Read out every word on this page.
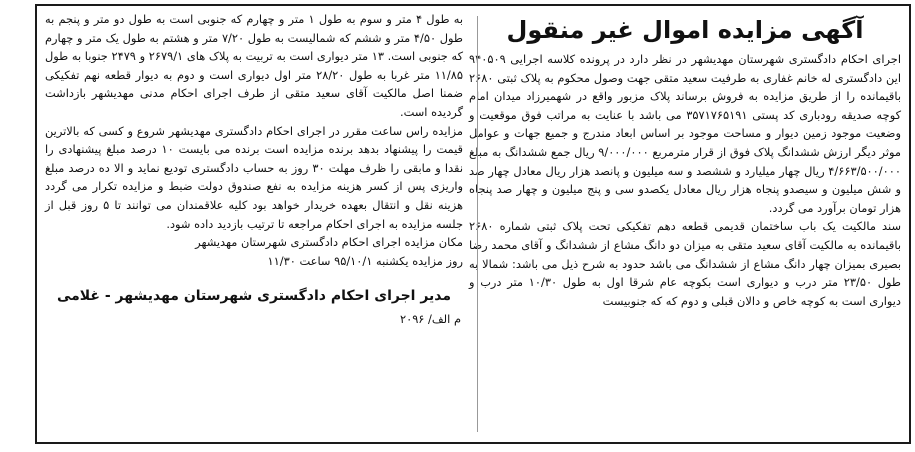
آگهی مزایده اموال غیر منقول

اجرای احکام دادگستری شهرستان مهدیشهر در نظر دارد در پرونده کلاسه اجرایی ۹۴۰۵۰۹ این دادگستری له خانم غفاری به طرفیت سعید متقی جهت وصول محکوم به پلاک ثبتی ۲۶۸۰ باقیمانده را از طریق مزایده به فروش برساند پلاک مزبور واقع در شهمیرزاد میدان امام کوچه صدیقه رودباری کد پستی ۳۵۷۱۷۶۵۱۹۱ می باشد با عنایت به مراتب فوق موقعیت و وضعیت موجود زمین دیوار و مساحت موجود بر اساس ابعاد مندرج و جمیع جهات و عوامل موثر دیگر ارزش ششدانگ پلاک فوق از قرار مترمربع ۹/۰۰۰/۰۰۰ ریال جمع ششدانگ به مبلغ ۴/۶۶۳/۵۰۰/۰۰۰ ریال چهار میلیارد و ششصد و سه میلیون و پانصد هزار ریال معادل چهار صد و شش میلیون و سیصدو پنجاه هزار ریال معادل یکصدو سی و پنج میلیون و چهار صد پنجاه هزار تومان برآورد می گردد.

سند مالکیت یک باب ساختمان قدیمی قطعه دهم تفکیکی تحت پلاک ثبتی شماره ۲۶۸۰ باقیمانده به مالکیت آقای سعید متقی به میزان دو دانگ مشاع از ششدانگ و آقای محمد رضا بصیری بمیزان چهار دانگ مشاع از ششدانگ می باشد حدود به شرح ذیل می باشد: شمالا به طول ۲۳/۵۰ متر درب و دیواری است بکوچه عام شرقا اول به طول ۱۰/۳۰ متر درب و دیواری است به کوچه خاص و دالان قبلی و دوم که که جنوبیست

به طول ۴ متر و سوم به طول ۱ متر و چهارم که جنوبی است به طول دو متر و پنجم به طول ۴/۵۰ متر و ششم که شمالیست به طول ۷/۲۰ متر و هشتم به طول یک متر و چهارم که جنوبی است. ۱۳ متر دیواری است به تربیت به پلاک های ۲۶۷۹/۱ و ۲۴۷۹ جنوبا به طول ۱۱/۸۵ متر غربا به طول ۲۸/۲۰ متر اول دیواری است و دوم به دیوار قطعه نهم تفکیکی ضمنا اصل مالکیت آقای سعید متقی از طرف اجرای احکام مدنی مهدیشهر بازداشت گردیده است.

مزایده راس ساعت مقرر در اجرای احکام دادگستری مهدیشهر شروع و کسی که بالاترین قیمت را پیشنهاد بدهد برنده مزایده است برنده می بایست ۱۰ درصد مبلغ پیشنهادی را نقدا و مابقی را ظرف مهلت ۳۰ روز به حساب دادگستری تودیع نماید و الا ده درصد مبلغ واریزی پس از کسر هزینه مزایده به نفع صندوق دولت ضبط و مزایده تکرار می گردد هزینه نقل و انتقال بعهده خریدار خواهد بود کلیه علاقمندان می توانند تا ۵ روز قبل از جلسه مزایده به اجرای احکام مراجعه تا ترتیب بازدید داده شود.

مکان مزایده اجرای احکام دادگستری شهرستان مهدیشهر

روز مزایده یکشنبه ۹۵/۱۰/۱ ساعت ۱۱/۳۰

مدیر اجرای احکام دادگستری شهرستان مهدیشهر - غلامی
م الف/ ۲۰۹۶
